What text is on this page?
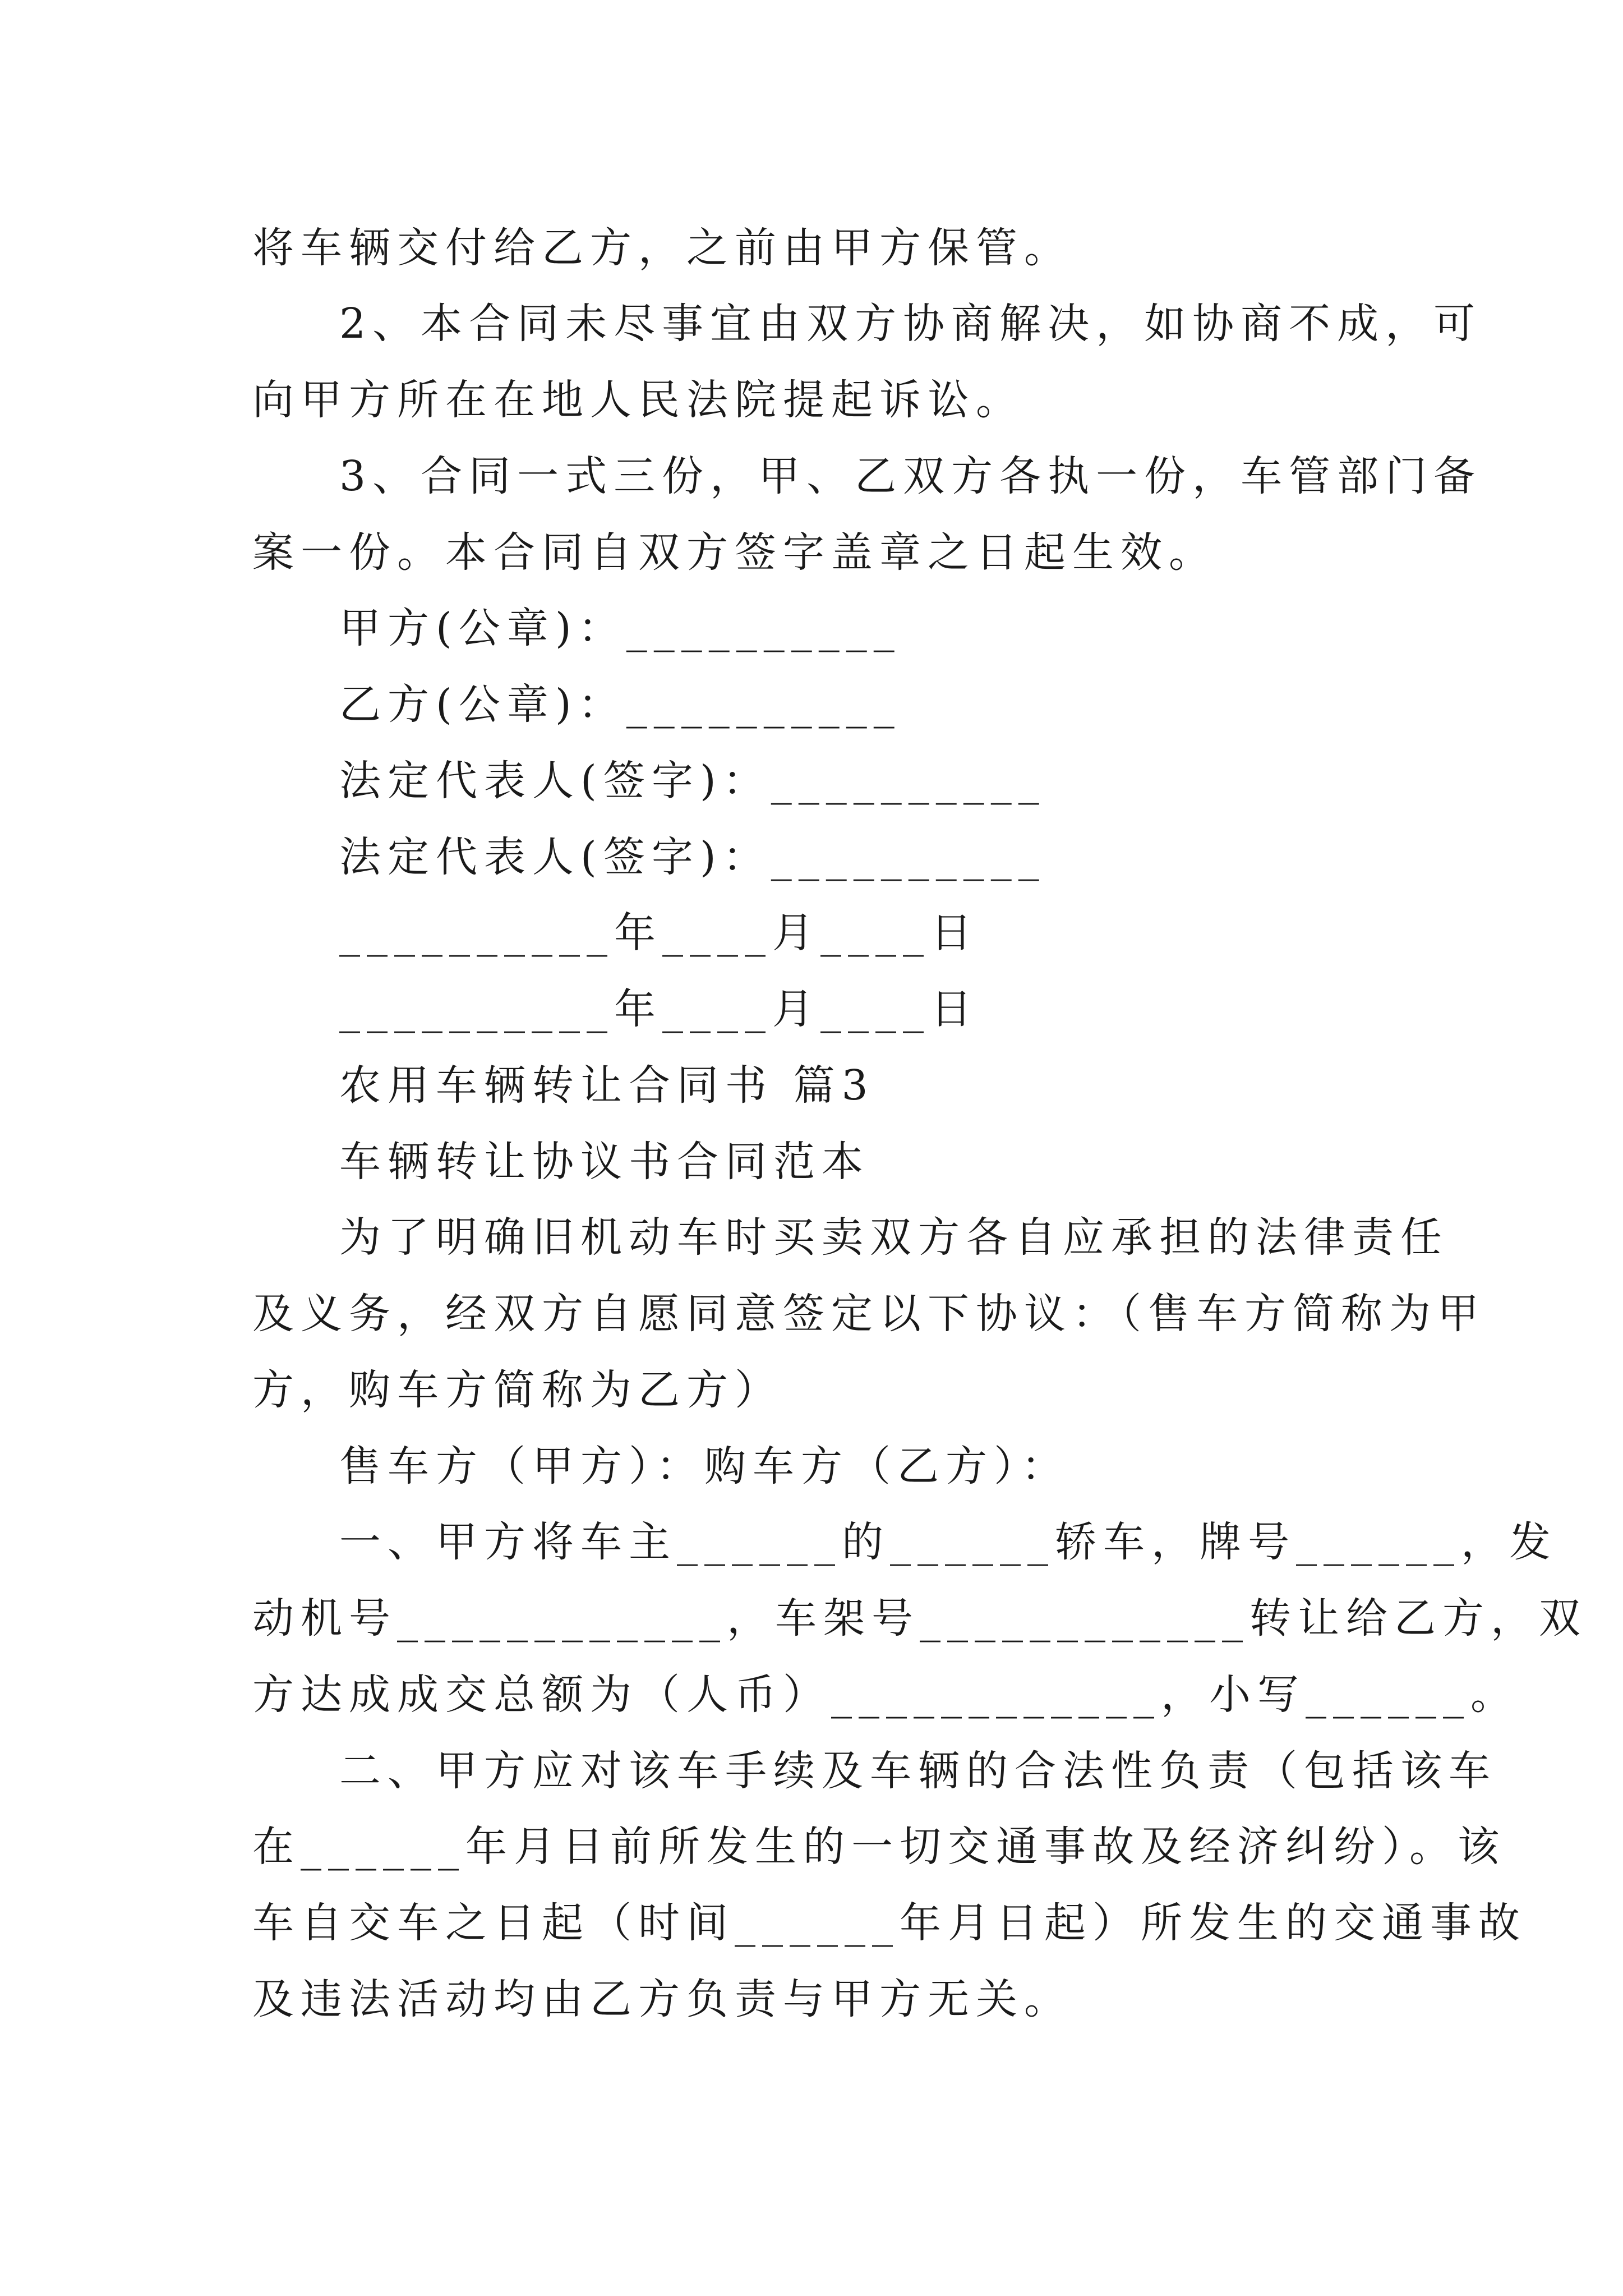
将车辆交付给乙方，之前由甲方保管。
2、本合同未尽事宜由双方协商解决，如协商不成，可
向甲方所在在地人民法院提起诉讼。
3、合同一式三份，甲、乙双方各执一份，车管部门备
案一份。本合同自双方签字盖章之日起生效。
甲方(公章)：__________
乙方(公章)：__________
法定代表人(签字)：__________
法定代表人(签字)：__________
__________年____月____日
__________年____月____日
农用车辆转让合同书 篇3
车辆转让协议书合同范本
为了明确旧机动车时买卖双方各自应承担的法律责任
及义务，经双方自愿同意签定以下协议：（售车方简称为甲
方，购车方简称为乙方）
售车方（甲方）：购车方（乙方）：
一、甲方将车主______的______轿车，牌号______，发
动机号____________，车架号____________转让给乙方，双
方达成成交总额为（人币）____________，小写______。
二、甲方应对该车手续及车辆的合法性负责（包括该车
在______年月日前所发生的一切交通事故及经济纠纷）。该
车自交车之日起（时间______年月日起）所发生的交通事故
及违法活动均由乙方负责与甲方无关。
